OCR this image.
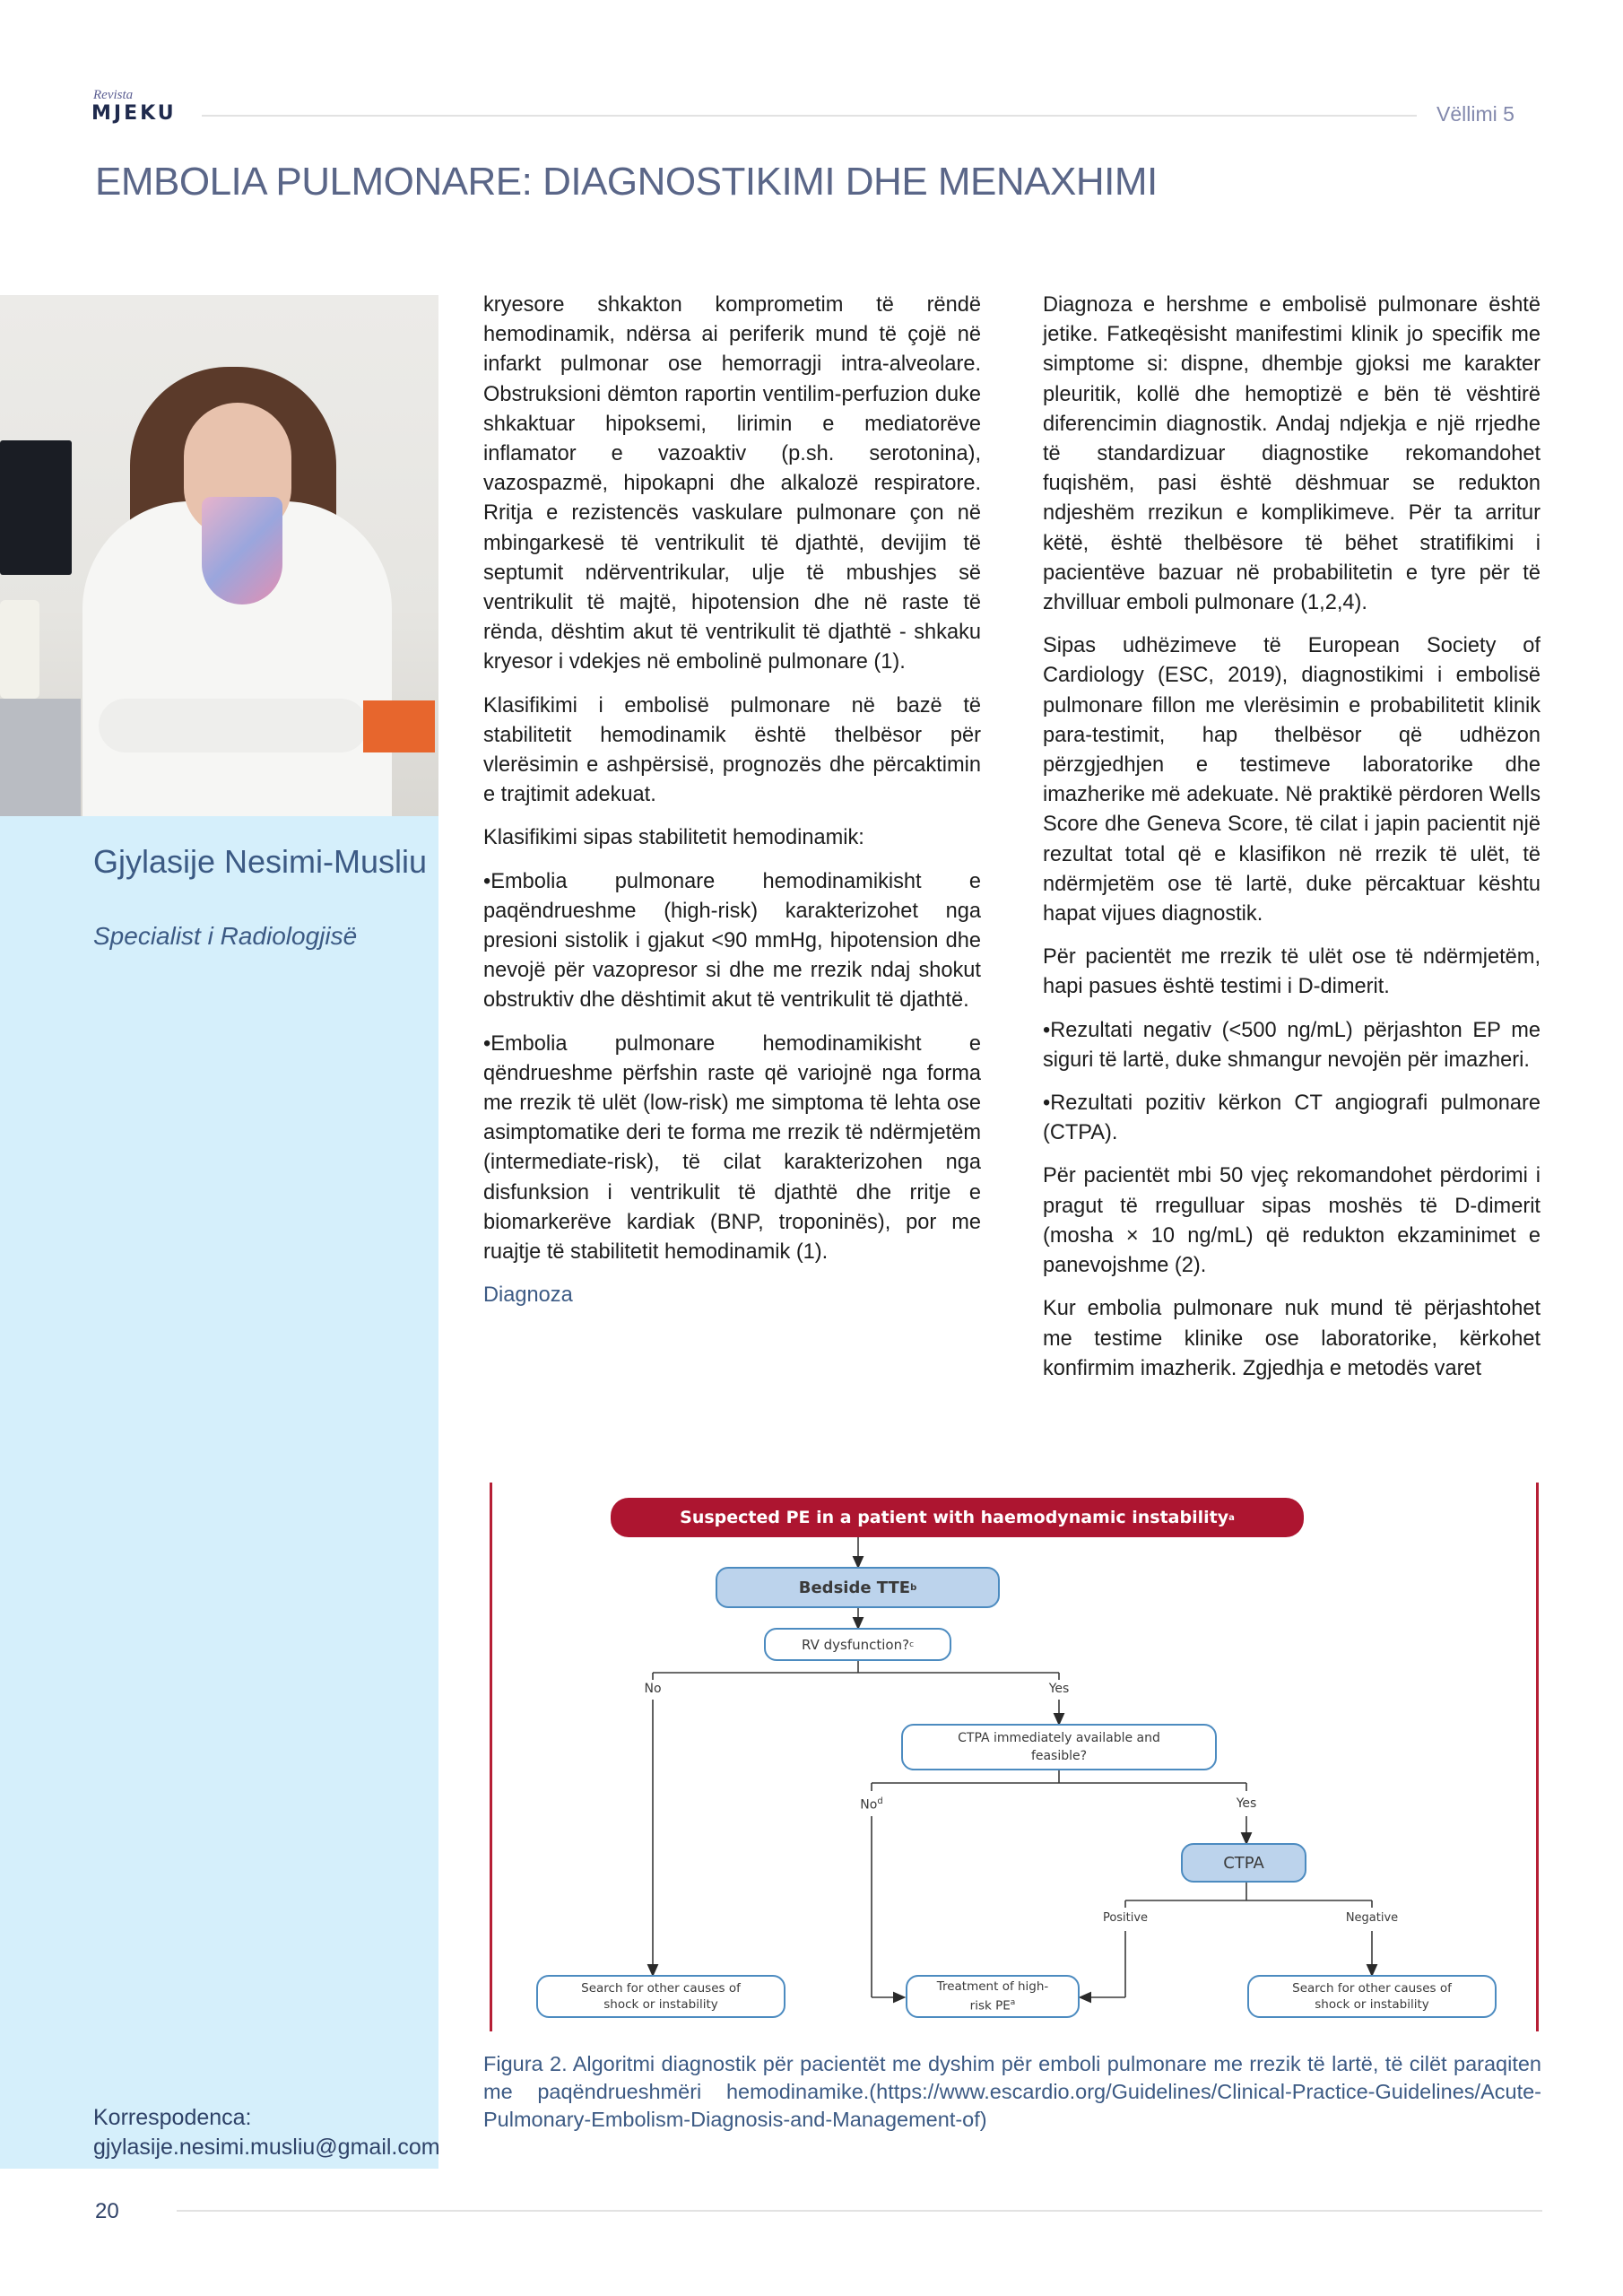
Revista
MJEKU	Vëllimi 5
EMBOLIA PULMONARE: DIAGNOSTIKIMI DHE MENAXHIMI
Gjylasije Nesimi-Musliu
Specialist i Radiologjisë
Korrespodenca:
gjylasije.nesimi.musliu@gmail.com

kryesore shkakton komprometim të rëndë hemodinamik, ndërsa ai periferik mund të çojë në infarkt pulmonar ose hemorragji intra-alveolare. Obstruksioni dëmton raportin ventilim-perfuzion duke shkaktuar hipoksemi, lirimin e mediatorëve inflamator e vazoaktiv (p.sh. serotonina), vazospazmë, hipokapni dhe alkalozë respiratore. Rritja e rezistencës vaskulare pulmonare çon në mbingarkesë të ventrikulit të djathtë, devijim të septumit ndërventrikular, ulje të mbushjes së ventrikulit të majtë, hipotension dhe në raste të rënda, dështim akut të ventrikulit të djathtë - shkaku kryesor i vdekjes në embolinë pulmonare (1).

Klasifikimi i embolisë pulmonare në bazë të stabilitetit hemodinamik është thelbësor për vlerësimin e ashpërsisë, prognozës dhe përcaktimin e trajtimit adekuat.

Klasifikimi sipas stabilitetit hemodinamik:

•Embolia pulmonare hemodinamikisht e paqëndrueshme (high-risk) karakterizohet nga presioni sistolik i gjakut <90 mmHg, hipotension dhe nevojë për vazopresor si dhe me rrezik ndaj shokut obstruktiv dhe dështimit akut të ventrikulit të djathtë.

•Embolia pulmonare hemodinamikisht e qëndrueshme përfshin raste që variojnë nga forma me rrezik të ulët (low-risk) me simptoma të lehta ose asimptomatike deri te forma me rrezik të ndërmjetëm (intermediate-risk), të cilat karakterizohen nga disfunksion i ventrikulit të djathtë dhe rritje e biomarkerëve kardiak (BNP, troponinës), por me ruajtje të stabilitetit hemodinamik (1).

Diagnoza

Diagnoza e hershme e embolisë pulmonare është jetike. Fatkeqësisht manifestimi klinik jo specifik me simptome si: dispne, dhembje gjoksi me karakter pleuritik, kollë dhe hemoptizë e bën të vështirë diferencimin diagnostik. Andaj ndjekja e një rrjedhe të standardizuar diagnostike rekomandohet fuqishëm, pasi është dëshmuar se redukton ndjeshëm rrezikun e komplikimeve. Për ta arritur këtë, është thelbësore të bëhet stratifikimi i pacientëve bazuar në probabilitetin e tyre për të zhvilluar emboli pulmonare (1,2,4).

Sipas udhëzimeve të European Society of Cardiology (ESC, 2019), diagnostikimi i embolisë pulmonare fillon me vlerësimin e probabilitetit klinik para-testimit, hap thelbësor që udhëzon përzgjedhjen e testimeve laboratorike dhe imazherike më adekuate. Në praktikë përdoren Wells Score dhe Geneva Score, të cilat i japin pacientit një rezultat total që e klasifikon në rrezik të ulët, të ndërmjetëm ose të lartë, duke përcaktuar kështu hapat vijues diagnostik.

Për pacientët me rrezik të ulët ose të ndërmjetëm, hapi pasues është testimi i D-dimerit.

•Rezultati negativ (<500 ng/mL) përjashton EP me siguri të lartë, duke shmangur nevojën për imazheri.

•Rezultati pozitiv kërkon CT angiografi pulmonare (CTPA).

Për pacientët mbi 50 vjeç rekomandohet përdorimi i pragut të rregulluar sipas moshës të D-dimerit (mosha × 10 ng/mL) që redukton ekzaminimet e panevojshme (2).

Kur embolia pulmonare nuk mund të përjashtohet me testime klinike ose laboratorike, kërkohet konfirmim imazherik. Zgjedhja e metodës varet

Suspected PE in a patient with haemodynamic instability a
Bedside TTE b
RV dysfunction? c
No	Yes
CTPA immediately available and feasible?
No$^d$	Yes
CTPA
Positive	Negative
Search for other causes of shock or instability
Treatment of high-risk $PE^a$
Search for other causes of shock or instability
Figura 2. Algoritmi diagnostik për pacientët me dyshim për emboli pulmonare me rrezik të lartë, të cilët paraqiten me paqëndrueshmëri hemodinamike.(https://www.escardio.org/Guidelines/Clinical-Practice-Guidelines/Acute-Pulmonary-Embolism-Diagnosis-and-Management-of)
20
